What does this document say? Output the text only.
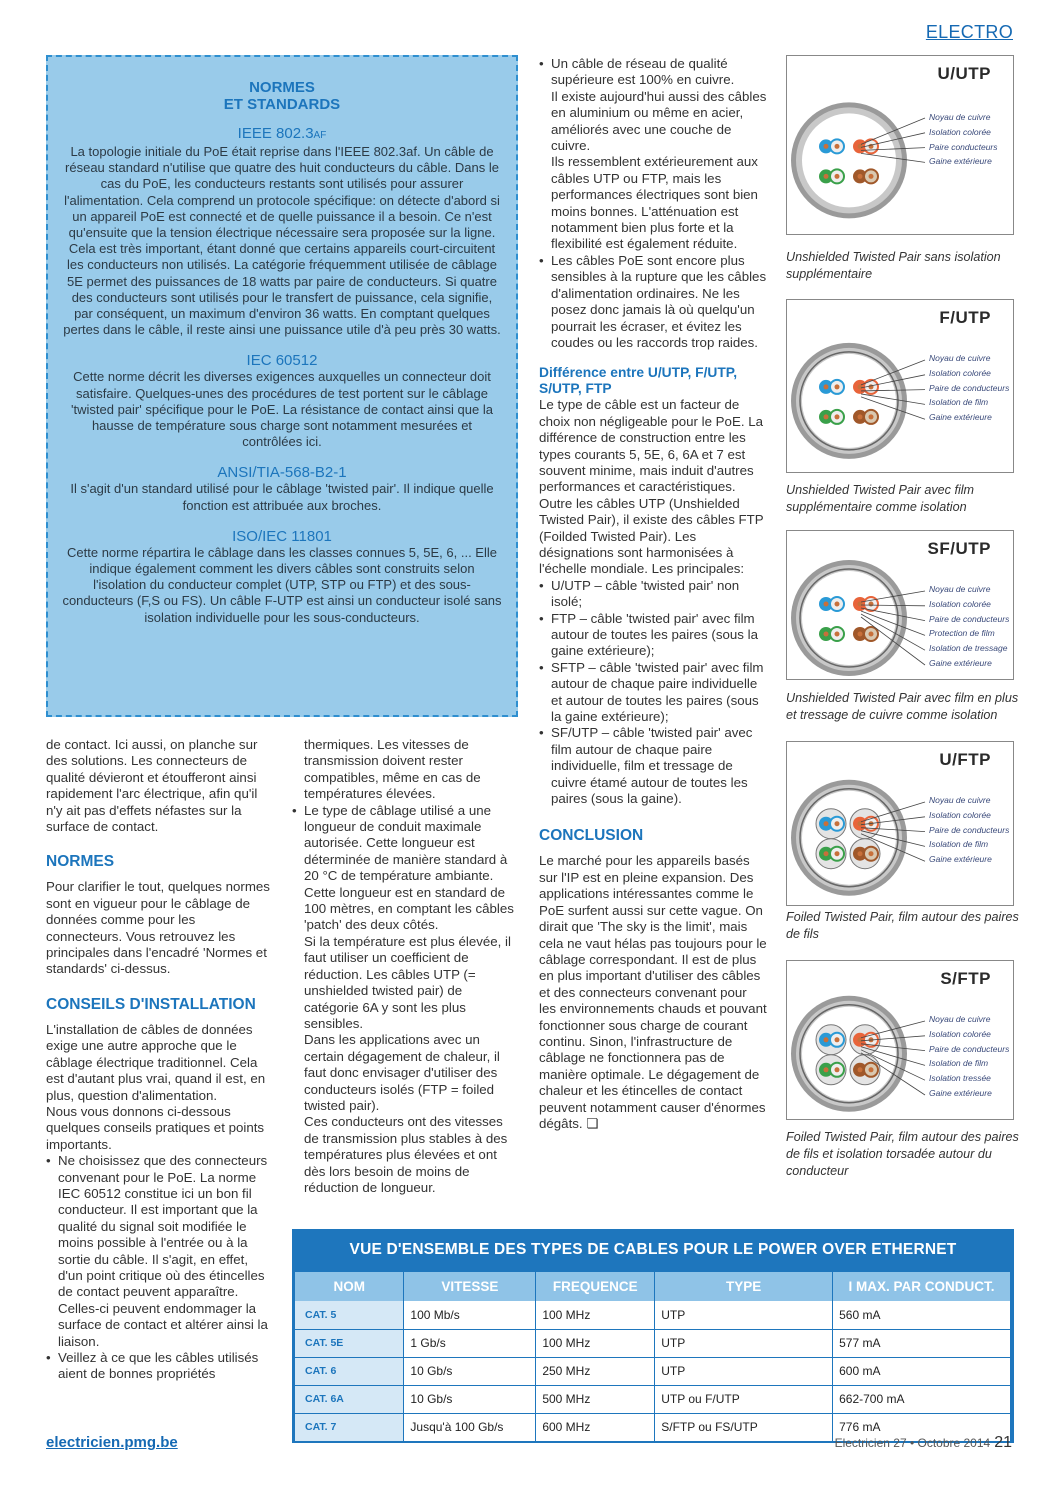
ELECTRO
NORMES
ET STANDARDS
IEEE 802.3AF
La topologie initiale du PoE était reprise dans l'IEEE 802.3af. Un câble de réseau standard n'utilise que quatre des huit conducteurs du câble. Dans le cas du PoE, les conducteurs restants sont utilisés pour assurer l'alimentation. Cela comprend un protocole spécifique: on détecte d'abord si un appareil PoE est connecté et de quelle puissance il a besoin. Ce n'est qu'ensuite que la tension électrique nécessaire sera proposée sur la ligne.
Cela est très important, étant donné que certains appareils court-circuitent les conducteurs non utilisés. La catégorie fréquemment utilisée de câblage 5E permet des puissances de 18 watts par paire de conducteurs. Si quatre des conducteurs sont utilisés pour le transfert de puissance, cela signifie, par conséquent, un maximum d'environ 36 watts. En comptant quelques pertes dans le câble, il reste ainsi une puissance utile d'à peu près 30 watts.
IEC 60512
Cette norme décrit les diverses exigences auxquelles un connecteur doit satisfaire. Quelques-unes des procédures de test portent sur le câblage 'twisted pair' spécifique pour le PoE. La résistance de contact ainsi que la hausse de température sous charge sont notamment mesurées et contrôlées ici.
ANSI/TIA-568-B2-1
Il s'agit d'un standard utilisé pour le câblage 'twisted pair'. Il indique quelle fonction est attribuée aux broches.
ISO/IEC 11801
Cette norme répartira le câblage dans les classes connues 5, 5E, 6, ... Elle indique également comment les divers câbles sont construits selon l'isolation du conducteur complet (UTP, STP ou FTP) et des sous-conducteurs (F,S ou FS). Un câble F-UTP est ainsi un conducteur isolé sans isolation individuelle pour les sous-conducteurs.

de contact. Ici aussi, on planche sur des solutions. Les connecteurs de qualité dévieront et étoufferont ainsi rapidement l'arc électrique, afin qu'il n'y ait pas d'effets néfastes sur la surface de contact.

NORMES

Pour clarifier le tout, quelques normes sont en vigueur pour le câblage de données comme pour les connecteurs. Vous retrouvez les principales dans l'encadré 'Normes et standards' ci-dessus.

CONSEILS D'INSTALLATION

L'installation de câbles de données exige une autre approche que le câblage électrique traditionnel. Cela est d'autant plus vrai, quand il est, en plus, question d'alimentation.

Nous vous donnons ci-dessous quelques conseils pratiques et points importants.

• Ne choisissez que des connecteurs convenant pour le PoE. La norme IEC 60512 constitue ici un bon fil conducteur. Il est important que la qualité du signal soit modifiée le moins possible à l'entrée ou à la sortie du câble. Il s'agit, en effet, d'un point critique où des étincelles de contact peuvent apparaître. Celles-ci peuvent endommager la surface de contact et altérer ainsi la liaison.
• Veillez à ce que les câbles utilisés aient de bonnes propriétés

thermiques. Les vitesses de transmission doivent rester compatibles, même en cas de températures élevées.

• Le type de câblage utilisé a une longueur de conduit maximale autorisée. Cette longueur est déterminée de manière standard à 20 °C de température ambiante. Cette longueur est en standard de 100 mètres, en comptant les câbles 'patch' des deux côtés.

Si la température est plus élevée, il faut utiliser un coefficient de réduction. Les câbles UTP (= unshielded twisted pair) de catégorie 6A y sont les plus sensibles.

Dans les applications avec un certain dégagement de chaleur, il faut donc envisager d'utiliser des conducteurs isolés (FTP = foiled twisted pair).

Ces conducteurs ont des vitesses de transmission plus stables à des températures plus élevées et ont dès lors besoin de moins de réduction de longueur.

• Un câble de réseau de qualité supérieure est 100% en cuivre.

Il existe aujourd'hui aussi des câbles en aluminium ou même en acier, améliorés avec une couche de cuivre.

Ils ressemblent extérieurement aux câbles UTP ou FTP, mais les performances électriques sont bien moins bonnes. L'atténuation est notamment bien plus forte et la flexibilité est également réduite.

• Les câbles PoE sont encore plus sensibles à la rupture que les câbles d'alimentation ordinaires. Ne les posez donc jamais là où quelqu'un pourrait les écraser, et évitez les coudes ou les raccords trop raides.
Différence entre U/UTP, F/UTP, S/UTP, FTP

Le type de câble est un facteur de choix non négligeable pour le PoE. La différence de construction entre les types courants 5, 5E, 6, 6A et 7 est souvent minime, mais induit d'autres performances et caractéristiques. Outre les câbles UTP (Unshielded Twisted Pair), il existe des câbles FTP (Foilded Twisted Pair). Les désignations sont harmonisées à l'échelle mondiale. Les principales:

• U/UTP – câble 'twisted pair' non isolé;
• FTP – câble 'twisted pair' avec film autour de toutes les paires (sous la gaine extérieure);
• SFTP – câble 'twisted pair' avec film autour de chaque paire individuelle et autour de toutes les paires (sous la gaine extérieure);
• SF/UTP – câble 'twisted pair' avec film autour de chaque paire individuelle, film et tressage de cuivre étamé autour de toutes les paires (sous la gaine).
CONCLUSION

Le marché pour les appareils basés sur l'IP est en pleine expansion. Des applications intéressantes comme le PoE surfent aussi sur cette vague. On dirait que 'The sky is the limit', mais cela ne vaut hélas pas toujours pour le câblage correspondant. Il est de plus en plus important d'utiliser des câbles et des connecteurs convenant pour les environnements chauds et pouvant fonctionner sous charge de courant continu. Sinon, l'infrastructure de câblage ne fonctionnera pas de manière optimale. Le dégagement de chaleur et les étincelles de contact peuvent notamment causer d'énormes dégâts. ❏

U/UTP
Noyau de cuivre
Isolation colorée
Paire conducteurs
Gaine extérieure
Unshielded Twisted Pair sans isolation supplémentaire
F/UTP
Noyau de cuivre
Isolation colorée
Paire de conducteurs
Isolation de film
Gaine extérieure
Unshielded Twisted Pair avec film supplémentaire comme isolation
SF/UTP
Noyau de cuivre
Isolation colorée
Paire de conducteurs
Protection de film
Isolation de tressage
Gaine extérieure
Unshielded Twisted Pair avec film en plus et tressage de cuivre comme isolation
U/FTP
Noyau de cuivre
Isolation colorée
Paire de conducteurs
Isolation de film
Gaine extérieure
Foiled Twisted Pair, film autour des paires de fils
S/FTP
Noyau de cuivre
Isolation colorée
Paire de conducteurs
Isolation de film
Isolation tressée
Gaine extérieure
Foiled Twisted Pair, film autour des paires de fils et isolation torsadée autour du conducteur
VUE D'ENSEMBLE DES TYPES DE CABLES POUR LE POWER OVER ETHERNET
NOM	VITESSE	FREQUENCE	TYPE	I MAX. PAR CONDUCT.
CAT. 5	100 Mb/s	100 MHz	UTP	560 mA
CAT. 5E	1 Gb/s	100 MHz	UTP	577 mA
CAT. 6	10 Gb/s	250 MHz	UTP	600 mA
CAT. 6A	10 Gb/s	500 MHz	UTP ou F/UTP	662-700 mA
CAT. 7	Jusqu'à 100 Gb/s	600 MHz	S/FTP ou FS/UTP	776 mA
electricien.pmg.be	Electricien 27 • Octobre 2014 21
